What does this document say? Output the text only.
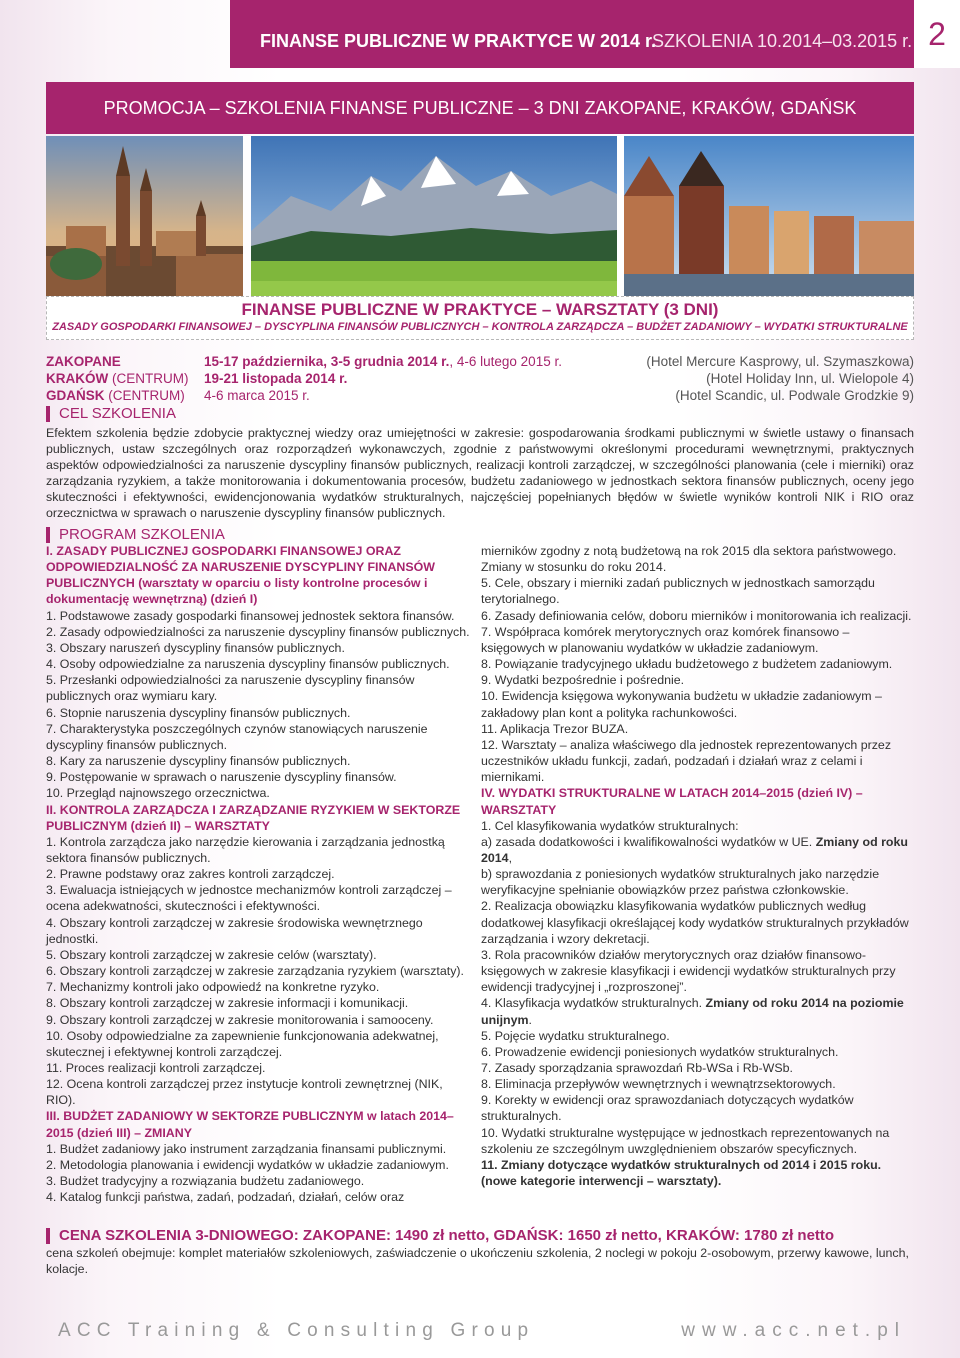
FINANSE PUBLICZNE W PRAKTYCE W 2014 r.
SZKOLENIA 10.2014–03.2015 r. 2
PROMOCJA – SZKOLENIA FINANSE PUBLICZNE – 3 DNI ZAKOPANE, KRAKÓW, GDAŃSK
FINANSE PUBLICZNE W PRAKTYCE – WARSZTATY (3 DNI)
ZASADY GOSPODARKI FINANSOWEJ – DYSCYPLINA FINANSÓW PUBLICZNYCH – KONTROLA ZARZĄDCZA – BUDŻET ZADANIOWY – WYDATKI STRUKTURALNE
ZAKOPANE	15-17 października, 3-5 grudnia 2014 r., 4-6 lutego 2015 r.	(Hotel Mercure Kasprowy, ul. Szymaszkowa)
KRAKÓW (CENTRUM) 19-21 listopada 2014 r.	(Hotel Holiday Inn, ul. Wielopole 4)
GDAŃSK (CENTRUM) 4-6 marca 2015 r.	(Hotel Scandic, ul. Podwale Grodzkie 9)
CEL SZKOLENIA
Efektem szkolenia będzie zdobycie praktycznej wiedzy oraz umiejętności w zakresie: gospodarowania środkami publicznymi w świetle ustawy o finansach publicznych, ustaw szczególnych oraz rozporządzeń wykonawczych, zgodnie z państwowymi określonymi procedurami wewnętrznymi, praktycznych aspektów odpowiedzialności za naruszenie dyscypliny finansów publicznych, realizacji kontroli zarządczej, w szczególności planowania (cele i mierniki) oraz zarządzania ryzykiem, a także monitorowania i dokumentowania procesów, budżetu zadaniowego w jednostkach sektora finansów publicznych, oceny jego skuteczności i efektywności, ewidencjonowania wydatków strukturalnych, najczęściej popełnianych błędów w świetle wyników kontroli NIK i RIO oraz orzecznictwa w sprawach o naruszenie dyscypliny finansów publicznych.
PROGRAM SZKOLENIA
I. ZASADY PUBLICZNEJ GOSPODARKI FINANSOWEJ ORAZ ODPOWIEDZIALNOŚĆ ZA NARUSZENIE DYSCYPLINY FINANSÓW PUBLICZNYCH (warsztaty w oparciu o listy kontrolne procesów i dokumentację wewnętrzną) (dzień I)
1. Podstawowe zasady gospodarki finansowej jednostek sektora finansów.
2. Zasady odpowiedzialności za naruszenie dyscypliny finansów publicznych.
3. Obszary naruszeń dyscypliny finansów publicznych.
4. Osoby odpowiedzialne za naruszenia dyscypliny finansów publicznych.
5. Przesłanki odpowiedzialności za naruszenie dyscypliny finansów publicznych oraz wymiaru kary.
6. Stopnie naruszenia dyscypliny finansów publicznych.
7. Charakterystyka poszczególnych czynów stanowiących naruszenie dyscypliny finansów publicznych.
8. Kary za naruszenie dyscypliny finansów publicznych.
9. Postępowanie w sprawach o naruszenie dyscypliny finansów.
10. Przegląd najnowszego orzecznictwa.
II. KONTROLA ZARZĄDCZA I ZARZĄDZANIE RYZYKIEM W SEKTORZE PUBLICZNYM (dzień II) – WARSZTATY
1. Kontrola zarządcza jako narzędzie kierowania i zarządzania jednostką sektora finansów publicznych.
2. Prawne podstawy oraz zakres kontroli zarządczej.
3. Ewaluacja istniejących w jednostce mechanizmów kontroli zarządczej – ocena adekwatności, skuteczności i efektywności.
4. Obszary kontroli zarządczej w zakresie środowiska wewnętrznego jednostki.
5. Obszary kontroli zarządczej w zakresie celów (warsztaty).
6. Obszary kontroli zarządczej w zakresie zarządzania ryzykiem (warsztaty).
7. Mechanizmy kontroli jako odpowiedź na konkretne ryzyko.
8. Obszary kontroli zarządczej w zakresie informacji i komunikacji.
9. Obszary kontroli zarządczej w zakresie monitorowania i samooceny.
10. Osoby odpowiedzialne za zapewnienie funkcjonowania adekwatnej, skutecznej i efektywnej kontroli zarządczej.
11. Proces realizacji kontroli zarządczej.
12. Ocena kontroli zarządczej przez instytucje kontroli zewnętrznej (NIK, RIO).
III. BUDŻET ZADANIOWY W SEKTORZE PUBLICZNYM w latach 2014–2015 (dzień III) – ZMIANY
1. Budżet zadaniowy jako instrument zarządzania finansami publicznymi.
2. Metodologia planowania i ewidencji wydatków w układzie zadaniowym.
3. Budżet tradycyjny a rozwiązania budżetu zadaniowego.
4. Katalog funkcji państwa, zadań, podzadań, działań, celów oraz
mierników zgodny z notą budżetową na rok 2015 dla sektora państwowego. Zmiany w stosunku do roku 2014.
5. Cele, obszary i mierniki zadań publicznych w jednostkach samorządu terytorialnego.
6. Zasady definiowania celów, doboru mierników i monitorowania ich realizacji.
7. Współpraca komórek merytorycznych oraz komórek finansowo – księgowych w planowaniu wydatków w układzie zadaniowym.
8. Powiązanie tradycyjnego układu budżetowego z budżetem zadaniowym.
9. Wydatki bezpośrednie i pośrednie.
10. Ewidencja księgowa wykonywania budżetu w układzie zadaniowym – zakładowy plan kont a polityka rachunkowości.
11. Aplikacja Trezor BUZA.
12. Warsztaty – analiza właściwego dla jednostek reprezentowanych przez uczestników układu funkcji, zadań, podzadań i działań wraz z celami i miernikami.
IV. WYDATKI STRUKTURALNE W LATACH 2014–2015 (dzień IV) – WARSZTATY
1. Cel klasyfikowania wydatków strukturalnych:
a) zasada dodatkowości i kwalifikowalności wydatków w UE. Zmiany od roku 2014,
b) sprawozdania z poniesionych wydatków strukturalnych jako narzędzie weryfikacyjne spełnianie obowiązków przez państwa członkowskie.
2. Realizacja obowiązku klasyfikowania wydatków publicznych według dodatkowej klasyfikacji określającej kody wydatków strukturalnych przykładów zarządzania i wzory dekretacji.
3. Rola pracowników działów merytorycznych oraz działów finansowo-księgowych w zakresie klasyfikacji i ewidencji wydatków strukturalnych przy ewidencji tradycyjnej i „rozproszonej”.
4. Klasyfikacja wydatków strukturalnych. Zmiany od roku 2014 na poziomie unijnym.
5. Pojęcie wydatku strukturalnego.
6. Prowadzenie ewidencji poniesionych wydatków strukturalnych.
7. Zasady sporządzania sprawozdań Rb-WSa i Rb-WSb.
8. Eliminacja przepływów wewnętrznych i wewnątrzsektorowych.
9. Korekty w ewidencji oraz sprawozdaniach dotyczących wydatków strukturalnych.
10. Wydatki strukturalne występujące w jednostkach reprezentowanych na szkoleniu ze szczególnym uwzględnieniem obszarów specyficznych.
11. Zmiany dotyczące wydatków strukturalnych od 2014 i 2015 roku. (nowe kategorie interwencji – warsztaty).
CENA SZKOLENIA 3-DNIOWEGO: ZAKOPANE: 1490 zł netto, GDAŃSK: 1650 zł netto, KRAKÓW: 1780 zł netto
cena szkoleń obejmuje: komplet materiałów szkoleniowych, zaświadczenie o ukończeniu szkolenia, 2 noclegi w pokoju 2-osobowym, przerwy kawowe, lunch, kolacje.
ACC Training & Consulting Group	www.acc.net.pl
